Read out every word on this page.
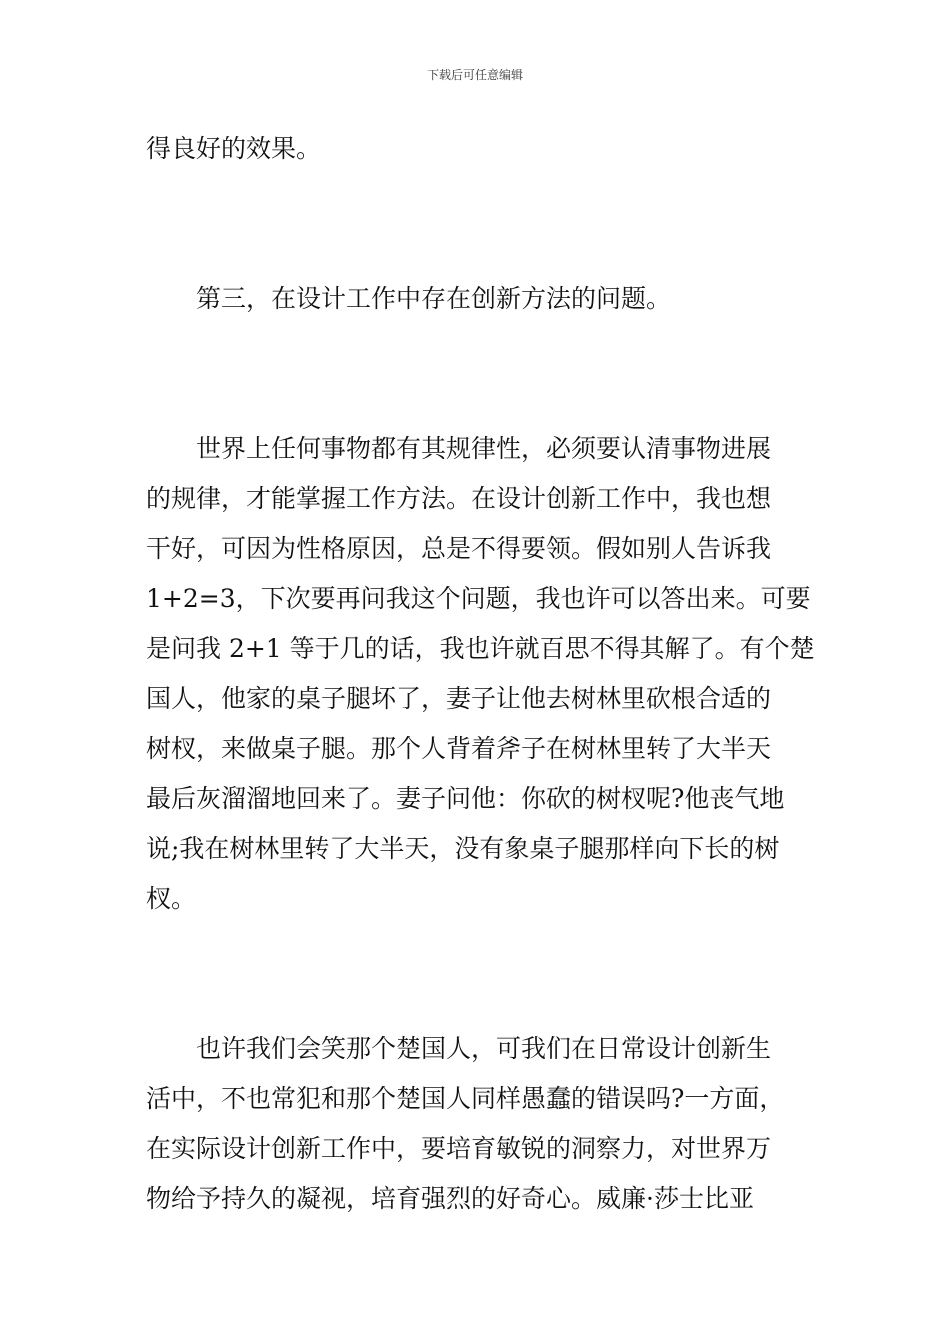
下载后可任意编辑
得良好的效果。
第三，在设计工作中存在创新方法的问题。
世界上任何事物都有其规律性，必须要认清事物进展
的规律，才能掌握工作方法。在设计创新工作中，我也想
干好，可因为性格原因，总是不得要领。假如别人告诉我
1+2=3，下次要再问我这个问题，我也许可以答出来。可要
是问我 2+1 等于几的话，我也许就百思不得其解了。有个楚
国人，他家的桌子腿坏了，妻子让他去树林里砍根合适的
树杈，来做桌子腿。那个人背着斧子在树林里转了大半天
最后灰溜溜地回来了。妻子问他：你砍的树杈呢?他丧气地
说;我在树林里转了大半天，没有象桌子腿那样向下长的树
杈。
也许我们会笑那个楚国人，可我们在日常设计创新生
活中，不也常犯和那个楚国人同样愚蠢的错误吗?一方面，
在实际设计创新工作中，要培育敏锐的洞察力，对世界万
物给予持久的凝视，培育强烈的好奇心。威廉·莎士比亚
